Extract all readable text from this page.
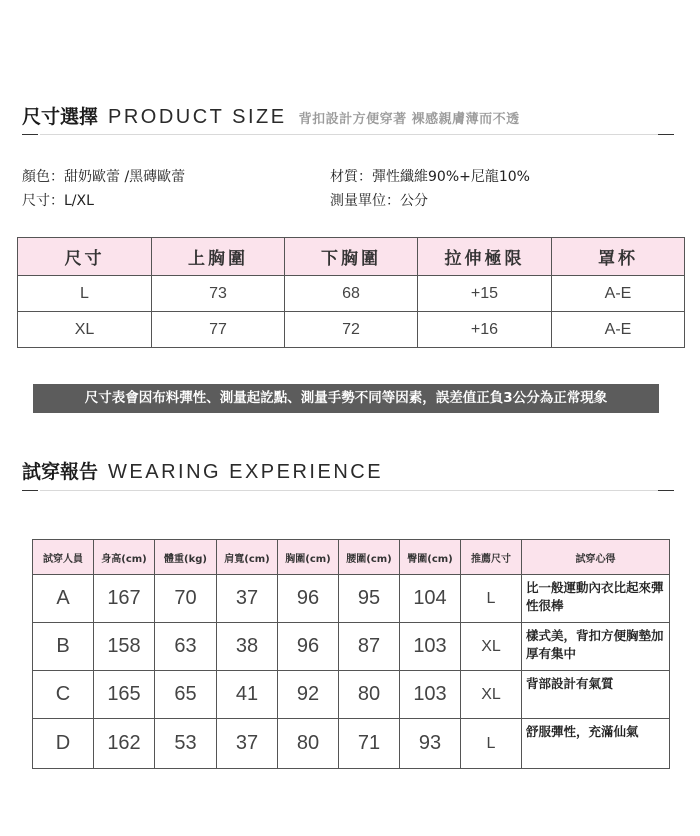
尺寸選擇 PRODUCT SIZE 背扣設計方便穿著 裸感親膚薄而不透
顏色：甜奶歐蕾 /黑磚歐蕾
尺寸：L/XL
材質：彈性纖維90%+尼龍10%
測量單位：公分
尺寸	上胸圍	下胸圍	拉伸極限	罩杯
L	73	68	+15	A-E
XL	77	72	+16	A-E
尺寸表會因布料彈性、測量起訖點、測量手勢不同等因素，誤差值正負3公分為正常現象
試穿報告 WEARING EXPERIENCE
試穿人員	身高(cm)	體重(kg)	肩寬(cm)	胸圍(cm)	腰圍(cm)	臀圍(cm)	推薦尺寸	試穿心得
A	167	70	37	96	95	104	L	比一般運動內衣比起來彈性很棒
B	158	63	38	96	87	103	XL	樣式美，背扣方便胸墊加厚有集中
C	165	65	41	92	80	103	XL	背部設計有氣質
D	162	53	37	80	71	93	L	舒服彈性，充滿仙氣
